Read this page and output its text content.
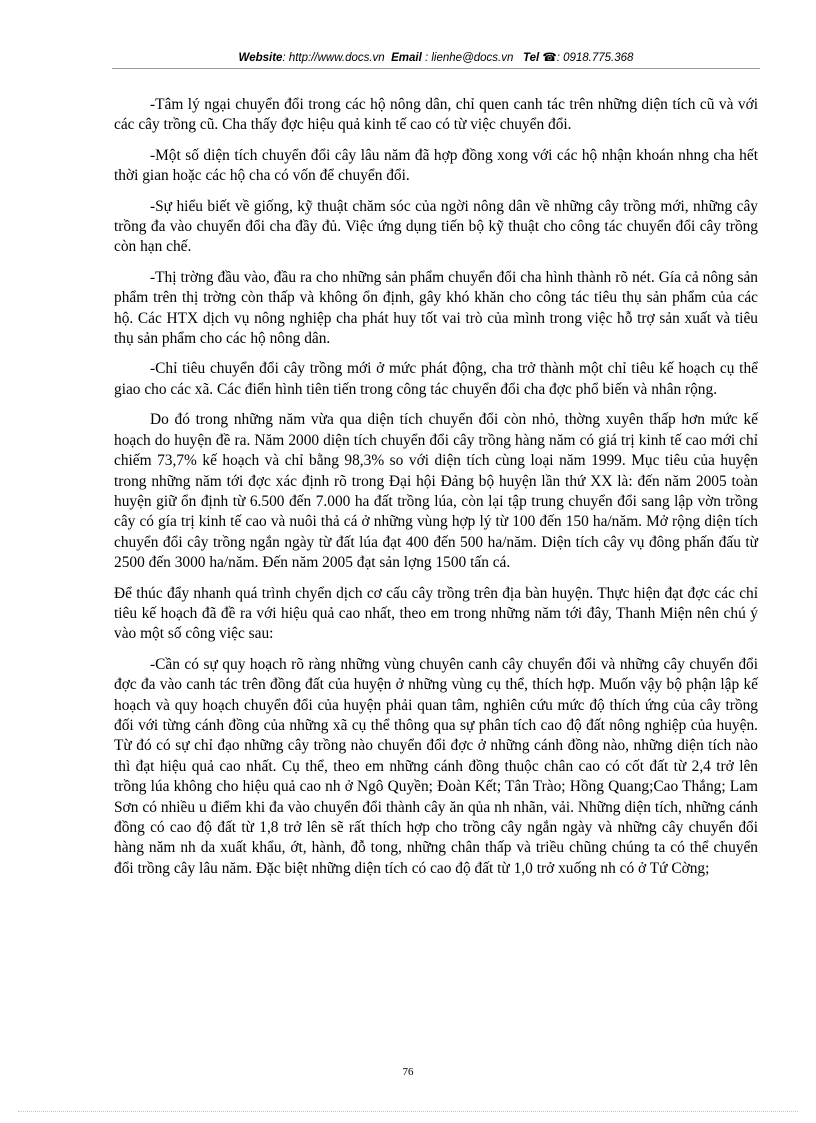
Website: http://www.docs.vn Email : lienhe@docs.vn Tel ☎: 0918.775.368

-Tâm lý ngại chuyển đổi trong các hộ nông dân, chỉ quen canh tác trên những diện tích cũ và với các cây trồng cũ. Cha thấy đợc hiệu quả kinh tế cao có từ việc chuyển đổi.

-Một số diện tích chuyển đổi cây lâu năm đã hợp đồng xong với các hộ nhận khoán nhng cha hết thời gian hoặc các hộ cha có vốn để chuyển đổi.

-Sự hiểu biết về giống, kỹ thuật chăm sóc của ngời nông dân về những cây trồng mới, những cây trồng đa vào chuyển đổi cha đầy đủ. Việc ứng dụng tiến bộ kỹ thuật cho công tác chuyển đổi cây trồng còn hạn chế.

-Thị trờng đầu vào, đầu ra cho những sản phẩm chuyển đổi cha hình thành rõ nét. Gía cả nông sản phẩm trên thị trờng còn thấp và không ổn định, gây khó khăn cho công tác tiêu thụ sản phẩm của các hộ. Các HTX dịch vụ nông nghiệp cha phát huy tốt vai trò của mình trong việc hỗ trợ sản xuất và tiêu thụ sản phẩm cho các hộ nông dân.

-Chỉ tiêu chuyển đổi cây trồng mới ở mức phát động, cha trở thành một chỉ tiêu kế hoạch cụ thể giao cho các xã. Các điển hình tiên tiến trong công tác chuyển đổi cha đợc phổ biến và nhân rộng.

Do đó trong những năm vừa qua diện tích chuyển đổi còn nhỏ, thờng xuyên thấp hơn mức kế hoạch do huyện đề ra. Năm 2000 diện tích chuyển đổi cây trồng hàng năm có giá trị kinh tế cao mới chỉ chiếm 73,7% kế hoạch và chỉ bằng 98,3% so với diện tích cùng loại năm 1999. Mục tiêu của huyện trong những năm tới đợc xác định rõ trong Đại hội Đảng bộ huyện lần thứ XX là: đến năm 2005 toàn huyện giữ ổn định từ 6.500 đến 7.000 ha đất trồng lúa, còn lại tập trung chuyển đổi sang lập vờn trồng cây có gía trị kinh tế cao và nuôi thả cá ở những vùng hợp lý từ 100 đến 150 ha/năm. Mở rộng diện tích chuyển đổi cây trồng ngắn ngày từ đất lúa đạt 400 đến 500 ha/năm. Diện tích cây vụ đông phấn đấu từ 2500 đến 3000 ha/năm. Đến năm 2005 đạt sản lợng 1500 tấn cá.

Để thúc đẩy nhanh quá trình chyển dịch cơ cấu cây trồng trên địa bàn huyện. Thực hiện đạt đợc các chỉ tiêu kế hoạch đã đề ra với hiệu quả cao nhất, theo em trong những năm tới đây, Thanh Miện nên chú ý vào một số công việc sau:

-Cần có sự quy hoạch rõ ràng những vùng chuyên canh cây chuyển đổi và những cây chuyển đổi đợc đa vào canh tác trên đồng đất của huyện ở những vùng cụ thể, thích hợp. Muốn vậy bộ phận lập kế hoạch và quy hoạch chuyển đổi của huyện phải quan tâm, nghiên cứu mức độ thích ứng của cây trồng đối với từng cánh đồng của những xã cụ thể thông qua sự phân tích cao độ đất nông nghiệp của huyện. Từ đó có sự chỉ đạo những cây trồng nào chuyển đổi đợc ở những cánh đồng nào, những diện tích nào thì đạt hiệu quả cao nhất. Cụ thể, theo em những cánh đồng thuộc chân cao có cốt đất từ 2,4 trở lên trồng lúa không cho hiệu quả cao nh ở Ngô Quyền; Đoàn Kết; Tân Trào; Hồng Quang;Cao Thắng; Lam Sơn có nhiều u điểm khi đa vào chuyển đổi thành cây ăn qủa nh nhãn, vải. Những diện tích, những cánh đồng có cao độ đất từ 1,8 trở lên sẽ rất thích hợp cho trồng cây ngắn ngày và những cây chuyển đổi hàng năm nh da xuất khẩu, ớt, hành, đỗ tong, những chân thấp và triều chũng chúng ta có thể chuyển đổi trồng cây lâu năm. Đặc biệt những diện tích có cao độ đất từ 1,0 trở xuống nh có ở Tứ Cờng;

76
